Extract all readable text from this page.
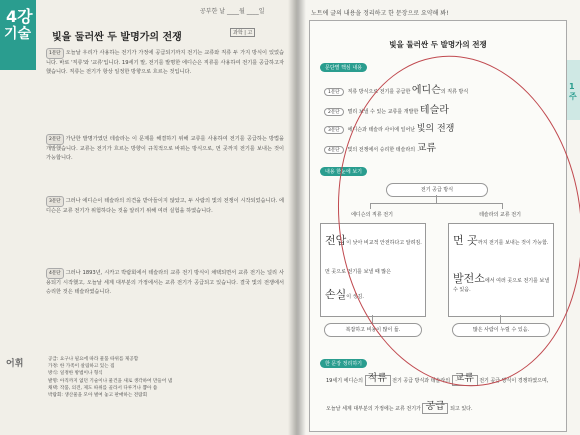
4강
기술
공부한 날 ____월 ____일
빛을 둘러싼 두 발명가의 전쟁	과학 | 고
1문단 오늘날 우리가 사용하는 전기가 가정에 공급되기까지 전기는 교류와 직류 두 가지 방식이 있었습니다. 바로 '직류'와 '교류'입니다. 19세기 말, 전기를 발명한 에디슨은 직류를 사용하여 전기를 공급하고자 했습니다. 직류는 전기가 항상 일정한 방향으로 흐르는 것입니다.
2문단 가난한 발명가였던 테슬라는 이 문제를 해결하기 위해 교류를 사용하여 전기를 공급하는 방법을 개발했습니다. 교류는 전기가 흐르는 방향이 규칙적으로 바뀌는 방식으로, 먼 곳까지 전기를 보내는 것이 가능합니다.
3문단 그러나 에디슨이 테슬라의 의견을 받아들이지 않았고, 두 사람의 빛의 전쟁이 시작되었습니다. 에디슨은 교류 전기가 위험하다는 것을 알리기 위해 여러 실험을 하였습니다.
4문단 그러나 1893년, 시카고 박람회에서 테슬라의 교류 전기 방식이 채택되면서 교류 전기는 널리 사용되기 시작했고, 오늘날 세계 대부분의 가정에서는 교류 전기가 공급되고 있습니다. 결국 빛의 전쟁에서 승리한 것은 테슬라였습니다.
어휘	공급: 요구나 필요에 따라 물품 따위를 제공함
가정: 한 가족이 살림하고 있는 집
방식: 일정한 방법이나 형식
발명: 아직까지 없던 기술이나 물건을 새로 생각하여 만들어 냄
채택: 작품, 의견, 제도 따위를 골라서 다루거나 뽑아 씀
박람회: 생산물을 모아 벌여 놓고 판매하는 전람회
노트에 글의 내용을 정리하고 한 문장으로 요약해 봐!
1주
빛을 둘러싼 두 발명가의 전쟁
문단별 핵심 내용
1문단 직류 방식으로 전기를 공급한 에디슨의 직류 방식
2문단 멀리 보낼 수 있는 교류를 개발한 테슬라
3문단 에디슨과 테슬라 사이에 일어난 빛의 전쟁
4문단 빛의 전쟁에서 승리한 테슬라의 교류
내용 한눈에 보기
전기 공급 방식
에디슨의 직류 전기	테슬라의 교류 전기
전압이 낮아 비교적 안전하다고 알려짐.
먼 곳으로 전기를 보낼 때 많은
손실이 생김.
먼 곳까지 전기를 보내는 것이 가능함.
발전소에서 여러 곳으로 전기를 보낼 수 있음.
복잡하고 비용이 많이 듦.	많은 사람이 누릴 수 있음.
한 문장 정리하기
19세기 에디슨의 직류 전기 공급 방식과 테슬라의 교류 전기 공급 방식이 경쟁하였으며,
오늘날 세계 대부분의 가정에는 교류 전기가 공급 되고 있다.
